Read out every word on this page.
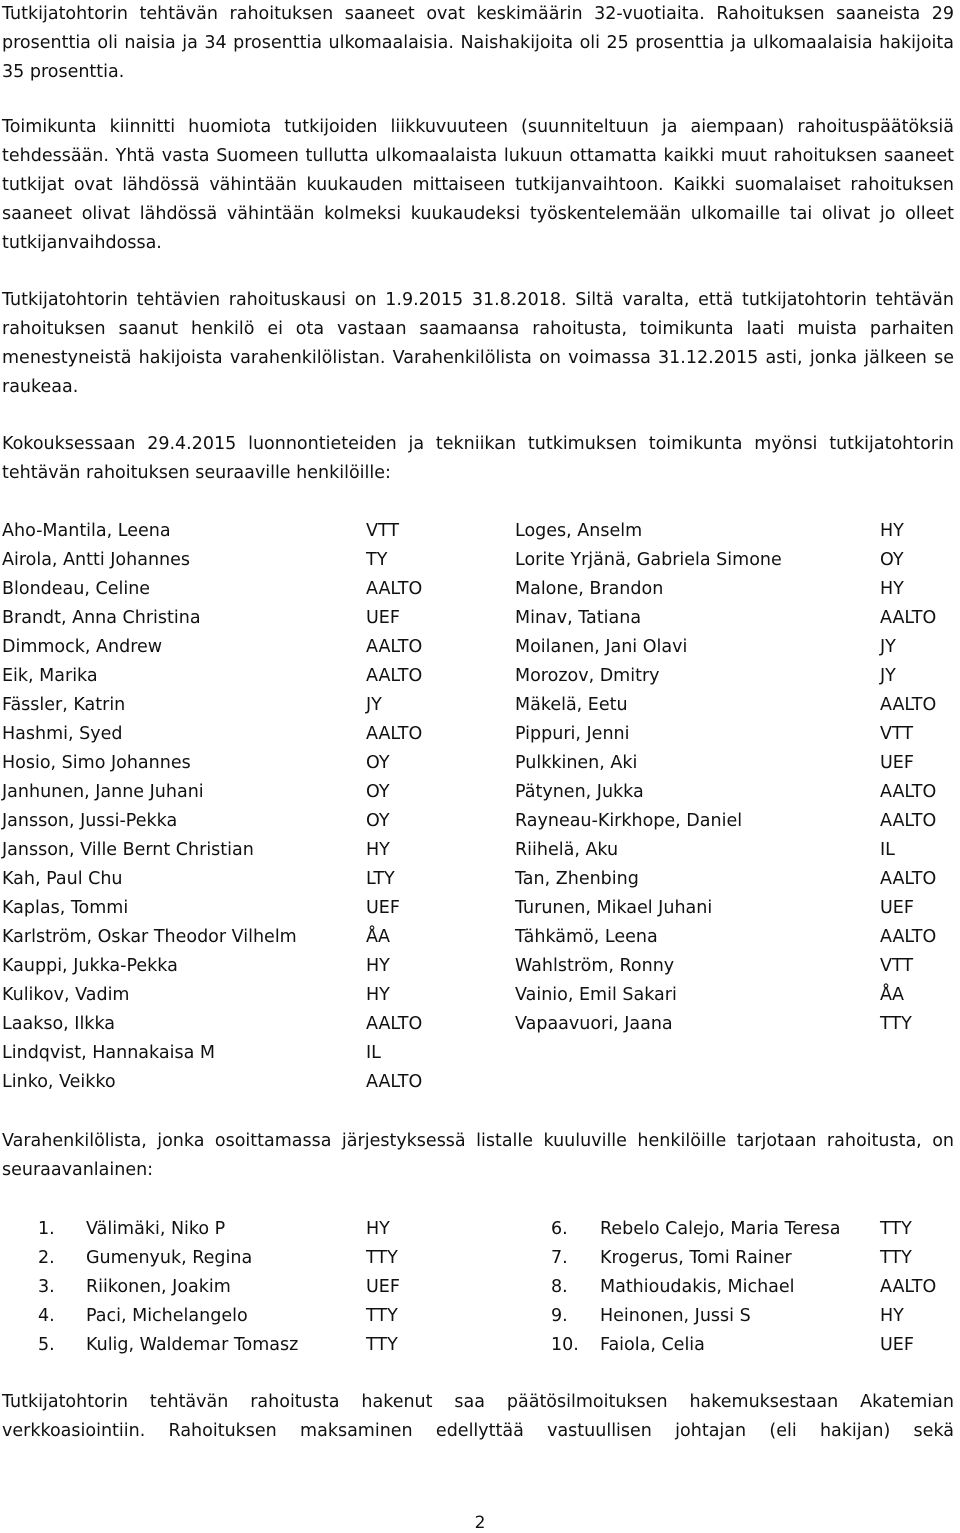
Tutkijatohtorin tehtävän rahoituksen saaneet ovat keskimäärin 32-vuotiaita. Rahoituksen saaneista 29 prosenttia oli naisia ja 34 prosenttia ulkomaalaisia. Naishakijoita oli 25 prosenttia ja ulkomaalaisia hakijoita 35 prosenttia.

Toimikunta kiinnitti huomiota tutkijoiden liikkuvuuteen (suunniteltuun ja aiempaan) rahoituspäätöksiä tehdessään. Yhtä vasta Suomeen tullutta ulkomaalaista lukuun ottamatta kaikki muut rahoituksen saaneet tutkijat ovat lähdössä vähintään kuukauden mittaiseen tutkijanvaihtoon. Kaikki suomalaiset rahoituksen saaneet olivat lähdössä vähintään kolmeksi kuukaudeksi työskentelemään ulkomaille tai olivat jo olleet tutkijanvaihdossa.

Tutkijatohtorin tehtävien rahoituskausi on 1.9.2015 31.8.2018. Siltä varalta, että tutkijatohtorin tehtävän rahoituksen saanut henkilö ei ota vastaan saamaansa rahoitusta, toimikunta laati muista parhaiten menestyneistä hakijoista varahenkilölistan. Varahenkilölista on voimassa 31.12.2015 asti, jonka jälkeen se raukeaa.

Kokouksessaan 29.4.2015 luonnontieteiden ja tekniikan tutkimuksen toimikunta myönsi tutkijatohtorin tehtävän rahoituksen seuraaville henkilöille:

Aho-Mantila, Leena	VTT
Airola, Antti Johannes	TY
Blondeau, Celine	AALTO
Brandt, Anna Christina	UEF
Dimmock, Andrew	AALTO
Eik, Marika	AALTO
Fässler, Katrin	JY
Hashmi, Syed	AALTO
Hosio, Simo Johannes	OY
Janhunen, Janne Juhani	OY
Jansson, Jussi-Pekka	OY
Jansson, Ville Bernt Christian	HY
Kah, Paul Chu	LTY
Kaplas, Tommi	UEF
Karlström, Oskar Theodor Vilhelm	ÅA
Kauppi, Jukka-Pekka	HY
Kulikov, Vadim	HY
Laakso, Ilkka	AALTO
Lindqvist, Hannakaisa M	IL
Linko, Veikko	AALTO
Loges, Anselm	HY
Lorite Yrjänä, Gabriela Simone	OY
Malone, Brandon	HY
Minav, Tatiana	AALTO
Moilanen, Jani Olavi	JY
Morozov, Dmitry	JY
Mäkelä, Eetu	AALTO
Pippuri, Jenni	VTT
Pulkkinen, Aki	UEF
Pätynen, Jukka	AALTO
Rayneau-Kirkhope, Daniel	AALTO
Riihelä, Aku	IL
Tan, Zhenbing	AALTO
Turunen, Mikael Juhani	UEF
Tähkämö, Leena	AALTO
Wahlström, Ronny	VTT
Vainio, Emil Sakari	ÅA
Vapaavuori, Jaana	TTY

Varahenkilölista, jonka osoittamassa järjestyksessä listalle kuuluville henkilöille tarjotaan rahoitusta, on seuraavanlainen:

1. Välimäki, Niko P	HY
2. Gumenyuk, Regina	TTY
3. Riikonen, Joakim	UEF
4. Paci, Michelangelo	TTY
5. Kulig, Waldemar Tomasz	TTY
6. Rebelo Calejo, Maria Teresa TTY
7. Krogerus, Tomi Rainer	TTY
8. Mathioudakis, Michael	AALTO
9. Heinonen, Jussi S	HY
10. Faiola, Celia	UEF

Tutkijatohtorin tehtävän rahoitusta hakenut saa päätösilmoituksen hakemuksestaan Akatemian verkkoasiointiin. Rahoituksen maksaminen edellyttää vastuullisen johtajan (eli hakijan) sekä

2
